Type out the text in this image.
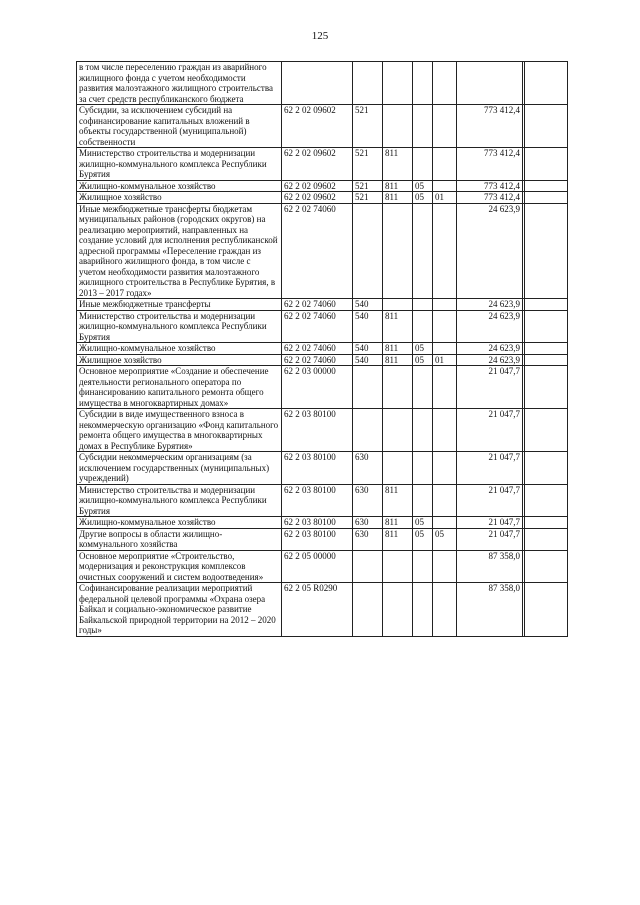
125
в том числе переселению граждан из аварийного жилищного фонда с учетом необходимости развития малоэтажного жилищного строительства за счет средств республиканского бюджета								
Субсидии, за исключением субсидий на софинансирование капитальных вложений в объекты государственной (муниципальной) собственности	62 2 02 09602	521				773 412,4		
Министерство строительства и модернизации жилищно-коммунального комплекса Республики Бурятия	62 2 02 09602	521	811			773 412,4		
Жилищно-коммунальное хозяйство	62 2 02 09602	521	811	05		773 412,4		
Жилищное хозяйство	62 2 02 09602	521	811	05	01	773 412,4		
Иные межбюджетные трансферты бюджетам муниципальных районов (городских округов) на реализацию мероприятий, направленных на создание условий для исполнения республиканской адресной программы «Переселение граждан из аварийного жилищного фонда, в том числе с учетом необходимости развития малоэтажного жилищного строительства в Республике Бурятия, в 2013 – 2017 годах»	62 2 02 74060					24 623,9		
Иные межбюджетные трансферты	62 2 02 74060	540				24 623,9		
Министерство строительства и модернизации жилищно-коммунального комплекса Республики Бурятия	62 2 02 74060	540	811			24 623,9		
Жилищно-коммунальное хозяйство	62 2 02 74060	540	811	05		24 623,9		
Жилищное хозяйство	62 2 02 74060	540	811	05	01	24 623,9		
Основное мероприятие «Создание и обеспечение деятельности регионального оператора по финансированию капитального ремонта общего имущества в многоквартирных домах»	62 2 03 00000					21 047,7		
Субсидии в виде имущественного взноса в некоммерческую организацию «Фонд капитального ремонта общего имущества в многоквартирных домах в Республике Бурятия»	62 2 03 80100					21 047,7		
Субсидии некоммерческим организациям (за исключением государственных (муниципальных) учреждений)	62 2 03 80100	630				21 047,7		
Министерство строительства и модернизации жилищно-коммунального комплекса Республики Бурятия	62 2 03 80100	630	811			21 047,7		
Жилищно-коммунальное хозяйство	62 2 03 80100	630	811	05		21 047,7		
Другие вопросы в области жилищно-коммунального хозяйства	62 2 03 80100	630	811	05	05	21 047,7		
Основное мероприятие «Строительство, модернизация и реконструкция комплексов очистных сооружений и систем водоотведения»	62 2 05 00000					87 358,0		
Софинансирование реализации мероприятий федеральной целевой программы «Охрана озера Байкал и социально-экономическое развитие Байкальской природной территории на 2012 – 2020 годы»	62 2 05 R0290					87 358,0		
